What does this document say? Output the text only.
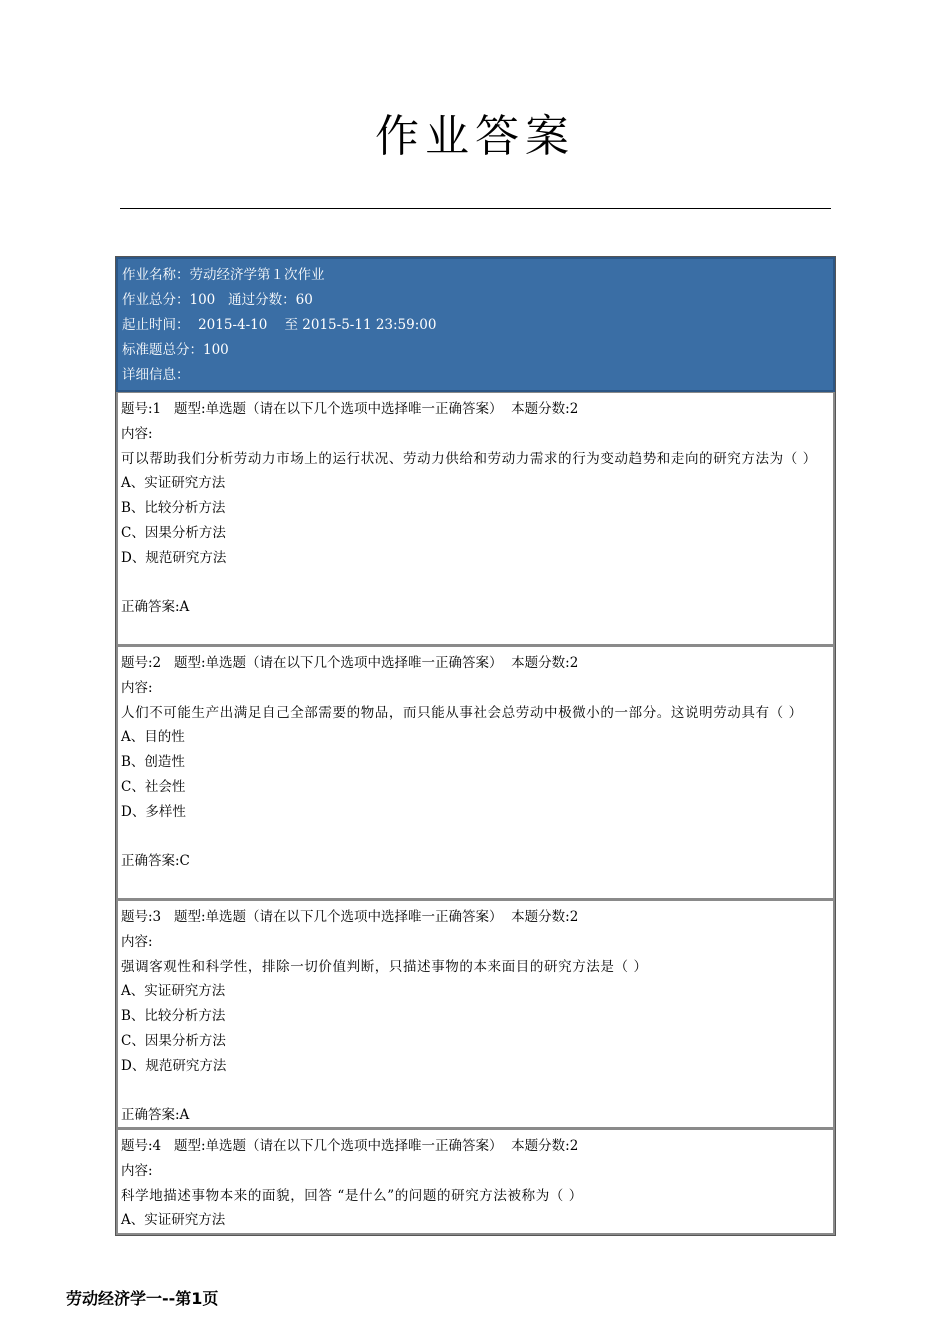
作业答案
作业名称：劳动经济学第１次作业
作业总分：100   通过分数：60
起止时间：  2015-4-10    至 2015-5-11 23:59:00
标准题总分：100
详细信息：
题号:1   题型:单选题（请在以下几个选项中选择唯一正确答案）  本题分数:2
内容:
可以帮助我们分析劳动力市场上的运行状况、劳动力供给和劳动力需求的行为变动趋势和走向的研究方法为（ ）
A、实证研究方法
B、比较分析方法
C、因果分析方法
D、规范研究方法
正确答案:A
题号:2   题型:单选题（请在以下几个选项中选择唯一正确答案）  本题分数:2
内容:
人们不可能生产出满足自己全部需要的物品，而只能从事社会总劳动中极微小的一部分。这说明劳动具有（ ）
A、目的性
B、创造性
C、社会性
D、多样性
正确答案:C
题号:3   题型:单选题（请在以下几个选项中选择唯一正确答案）  本题分数:2
内容:
强调客观性和科学性，排除一切价值判断，只描述事物的本来面目的研究方法是（ ）
A、实证研究方法
B、比较分析方法
C、因果分析方法
D、规范研究方法
正确答案:A
题号:4   题型:单选题（请在以下几个选项中选择唯一正确答案）  本题分数:2
内容:
科学地描述事物本来的面貌，回答 “是什么”的问题的研究方法被称为（ ）
A、实证研究方法
劳动经济学一--第1页
